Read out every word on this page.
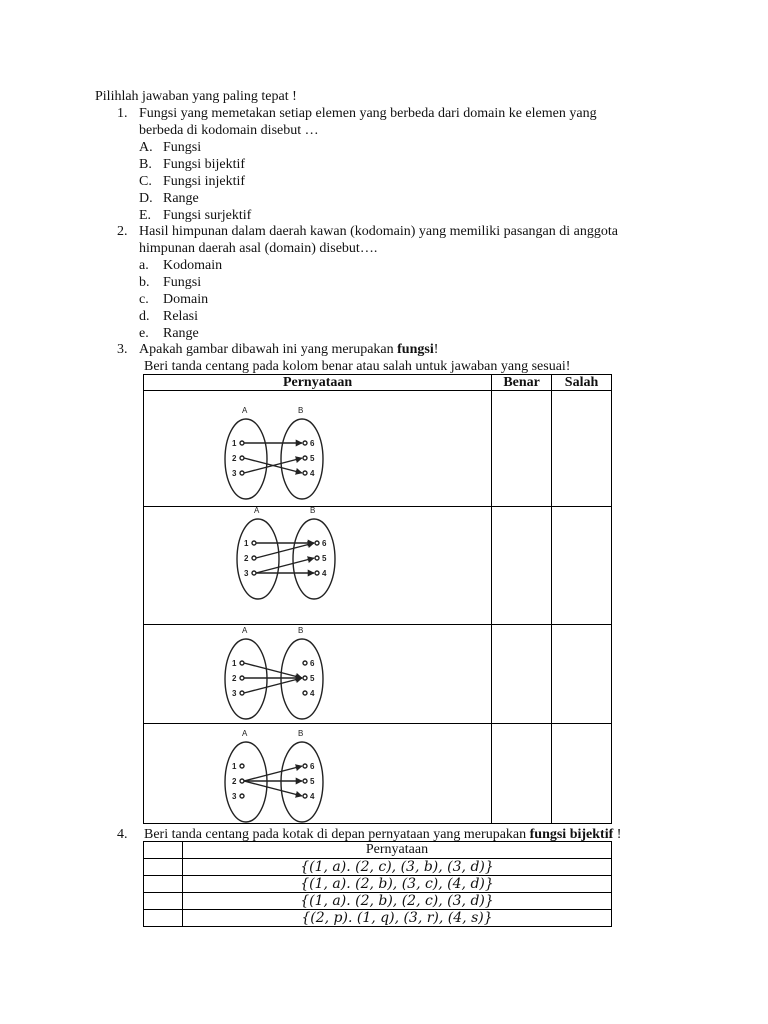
Pilihlah jawaban yang paling tepat !
1. Fungsi yang memetakan setiap elemen yang berbeda dari domain ke elemen yang
berbeda di kodomain disebut …
A. Fungsi
B. Fungsi bijektif
C. Fungsi injektif
D. Range
E. Fungsi surjektif
2. Hasil himpunan dalam daerah kawan (kodomain) yang memiliki pasangan di anggota
himpunan daerah asal (domain) disebut….
a. Kodomain
b. Fungsi
c. Domain
d. Relasi
e. Range
3. Apakah gambar dibawah ini yang merupakan fungsi!
Beri tanda centang pada kolom benar atau salah untuk jawaban yang sesuai!
Pernyataan	Benar	Salah

A	B
1	6
2	5
3	4
A	B
1	6
2	5
3	4
A	B
1	6
2	5
3	4
A	B
1	6
2	5
3	4
4. Beri tanda centang pada kotak di depan pernyataan yang merupakan fungsi bijektif !
	Pernyataan
	{(1, a). (2, c), (3, b), (3, d)}
	{(1, a). (2, b), (3, c), (4, d)}
	{(1, a). (2, b), (2, c), (3, d)}
	{(2, p). (1, q), (3, r), (4, s)}
